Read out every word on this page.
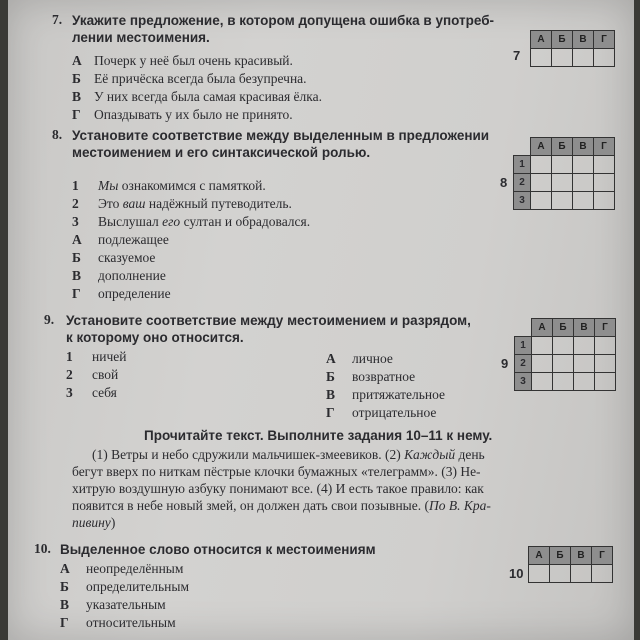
7. Укажите предложение, в котором допущена ошибка в употреб-
лении местоимения.
А Почерк у неё был очень красивый.
Б Её причёска всегда была безупречна.
В У них всегда была самая красивая ёлка.
Г Опаздывать у их было не принято.
7
А	Б	В	Г

8. Установите соответствие между выделенным в предложении
местоимением и его синтаксической ролью.
1 Мы ознакомимся с памяткой.
2 Это ваш надёжный путеводитель.
3 Выслушал его султан и обрадовался.
А подлежащее
Б сказуемое
В дополнение
Г определение
8
	А	Б	В	Г
1				
2				
3				
9. Установите соответствие между местоимением и разрядом,
к которому оно относится.
1 ничей
2 свой
3 себя
А личное
Б возвратное
В притяжательное
Г отрицательное
9
	А	Б	В	Г
1				
2				
3				
Прочитайте текст. Выполните задания 10–11 к нему.
(1) Ветры и небо сдружили мальчишек-змеевиков. (2) Каждый день
бегут вверх по ниткам пёстрые клочки бумажных «телеграмм». (3) Не-
хитрую воздушную азбуку понимают все. (4) И есть такое правило: как
появится в небе новый змей, он должен дать свои позывные. (По В. Кра-
пивину)
10. Выделенное слово относится к местоимениям
А неопределённым
Б определительным
В указательным
Г относительным
10
А	Б	В	Г
